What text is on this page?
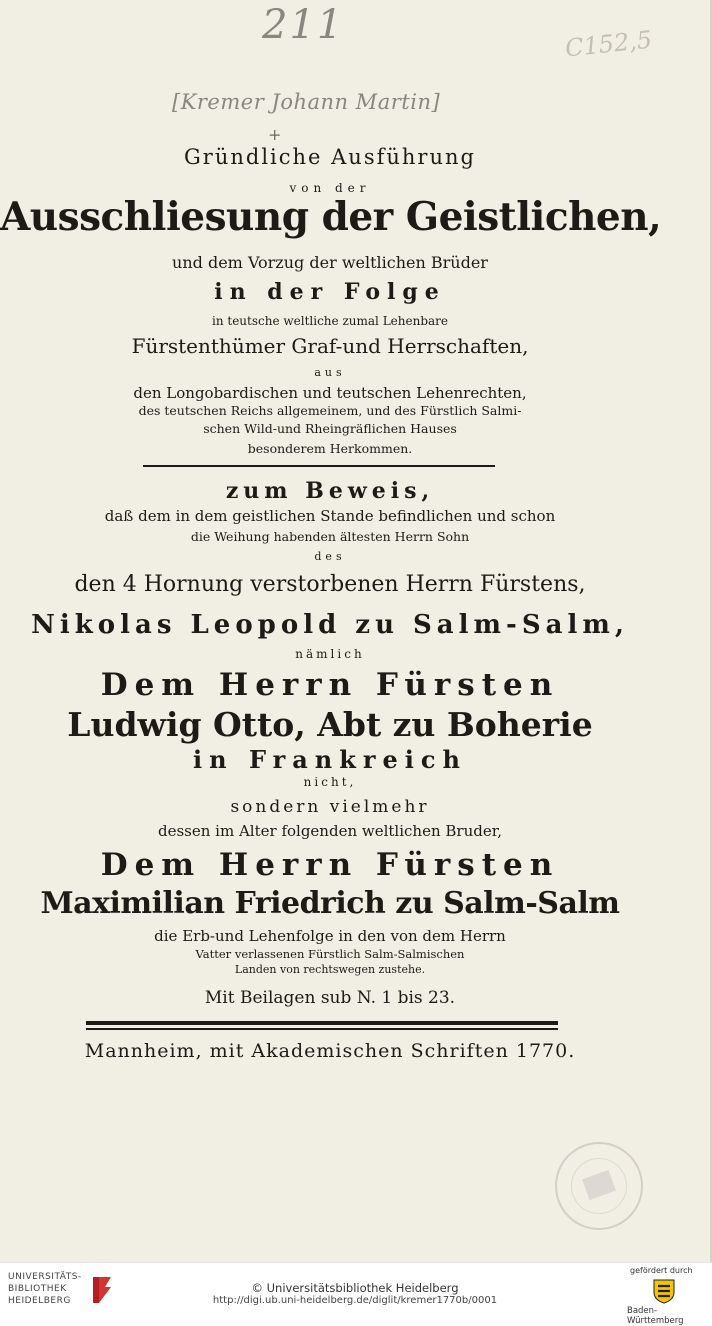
211	C152,5
[Kremer Johann Martin]
+
Gründliche Ausführung
von der
Ausschliesung der Geistlichen,
und dem Vorzug der weltlichen Brüder
in der Folge
in teutsche weltliche zumal Lehenbare
Fürstenthümer Graf-und Herrschaften,
aus
den Longobardischen und teutschen Lehenrechten,
des teutschen Reichs allgemeinem, und des Fürstlich Salmi-
schen Wild-und Rheingräflichen Hauses
besonderem Herkommen.
zum Beweis,
daß dem in dem geistlichen Stande befindlichen und schon
die Weihung habenden ältesten Herrn Sohn
des
den 4 Hornung verstorbenen Herrn Fürstens,
Nikolas Leopold zu Salm-Salm,
nämlich
Dem Herrn Fürsten
Ludwig Otto, Abt zu Boherie
in Frankreich
nicht,
sondern vielmehr
dessen im Alter folgenden weltlichen Bruder,
Dem Herrn Fürsten
Maximilian Friedrich zu Salm-Salm
die Erb-und Lehenfolge in den von dem Herrn
Vatter verlassenen Fürstlich Salm-Salmischen
Landen von rechtswegen zustehe.
Mit Beilagen sub N. 1 bis 23.
Mannheim, mit Akademischen Schriften 1770.
UNIVERSITÄTS-
BIBLIOTHEK
HEIDELBERG
© Universitätsbibliothek Heidelberg
http://digi.ub.uni-heidelberg.de/diglit/kremer1770b/0001
gefördert durch
Baden-Württemberg
